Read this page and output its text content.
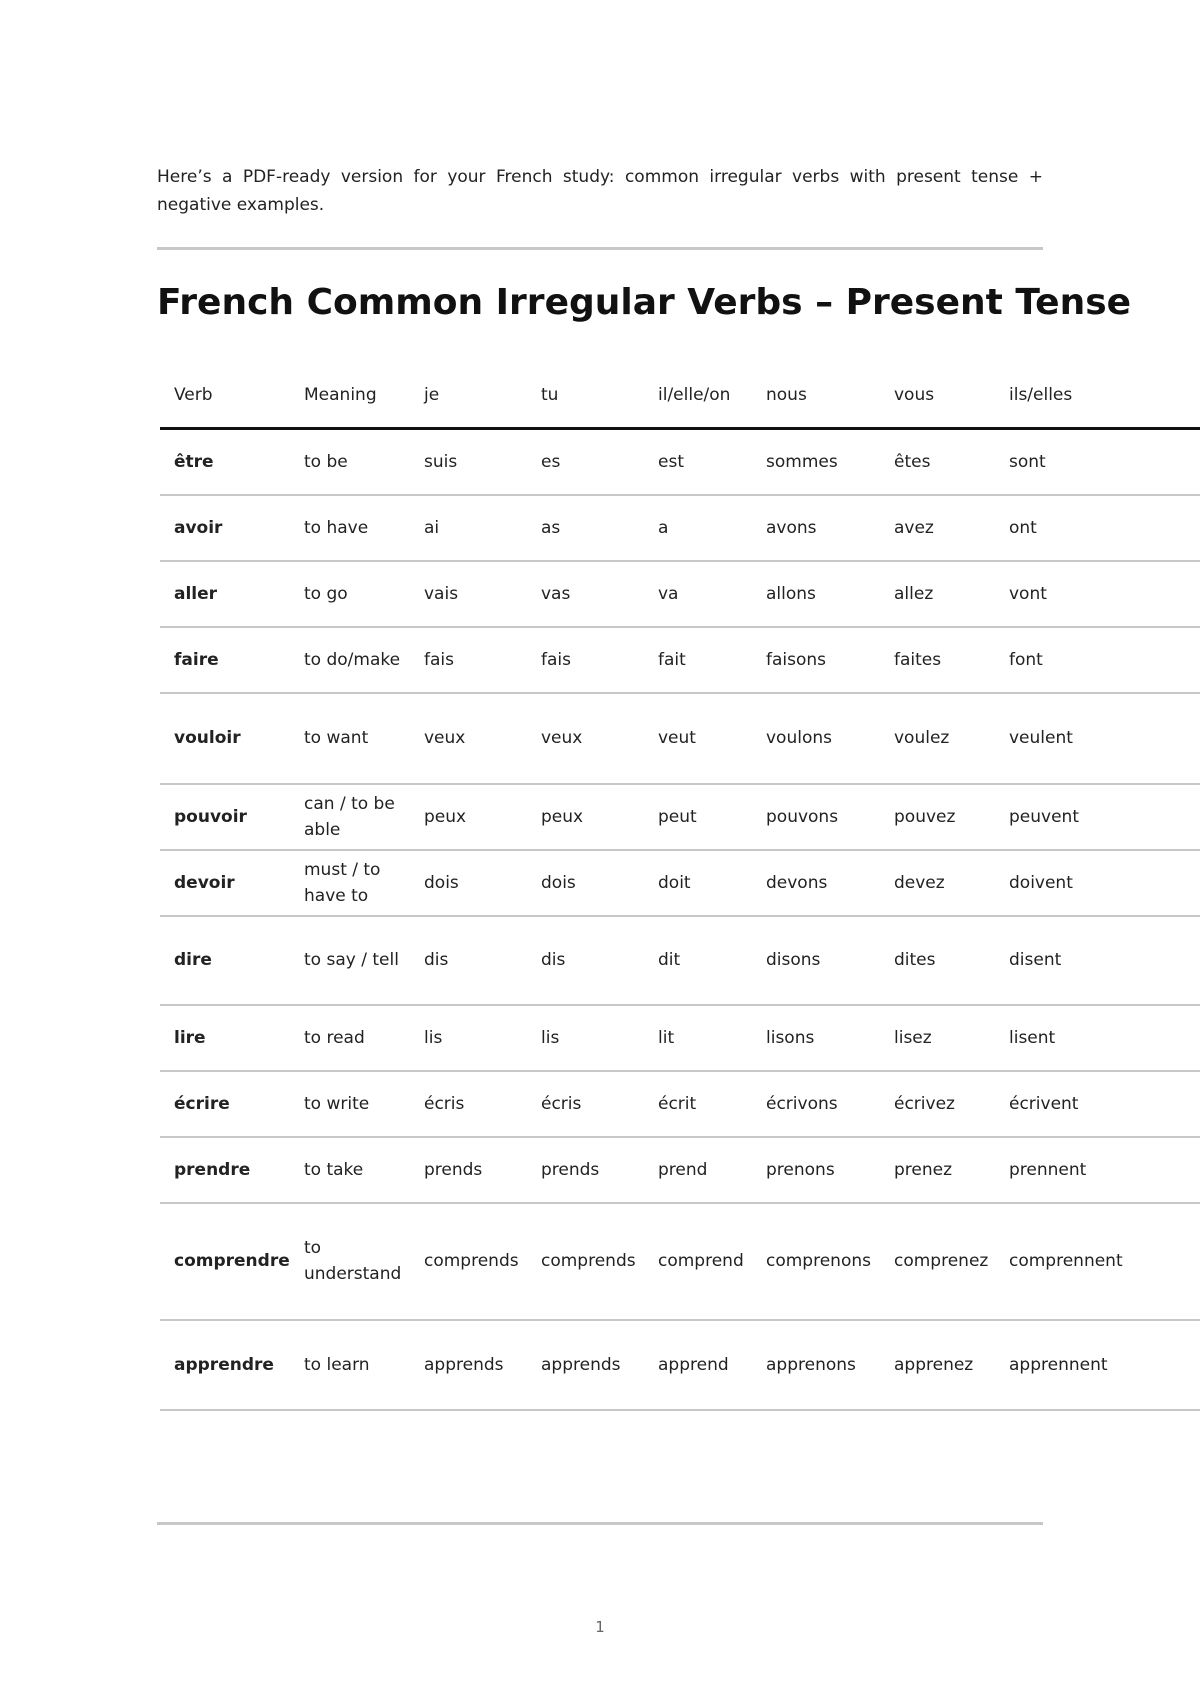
Here’s a PDF-ready version for your French study: common irregular verbs with present tense + negative examples.

French Common Irregular Verbs – Present Tense
Verb	Meaning	je	tu	il/elle/on	nous	vous	ils/elles
être	to be	suis	es	est	sommes	êtes	sont
avoir	to have	ai	as	a	avons	avez	ont
aller	to go	vais	vas	va	allons	allez	vont
faire	to do/make	fais	fais	fait	faisons	faites	font
vouloir	to want	veux	veux	veut	voulons	voulez	veulent
pouvoir	can / to be able	peux	peux	peut	pouvons	pouvez	peuvent
devoir	must / to have to	dois	dois	doit	devons	devez	doivent
dire	to say / tell	dis	dis	dit	disons	dites	disent
lire	to read	lis	lis	lit	lisons	lisez	lisent
écrire	to write	écris	écris	écrit	écrivons	écrivez	écrivent
prendre	to take	prends	prends	prend	prenons	prenez	prennent
comprendre	to understand	comprends	comprends	comprend	comprenons	comprenez	comprennent
apprendre	to learn	apprends	apprends	apprend	apprenons	apprenez	apprennent
1
